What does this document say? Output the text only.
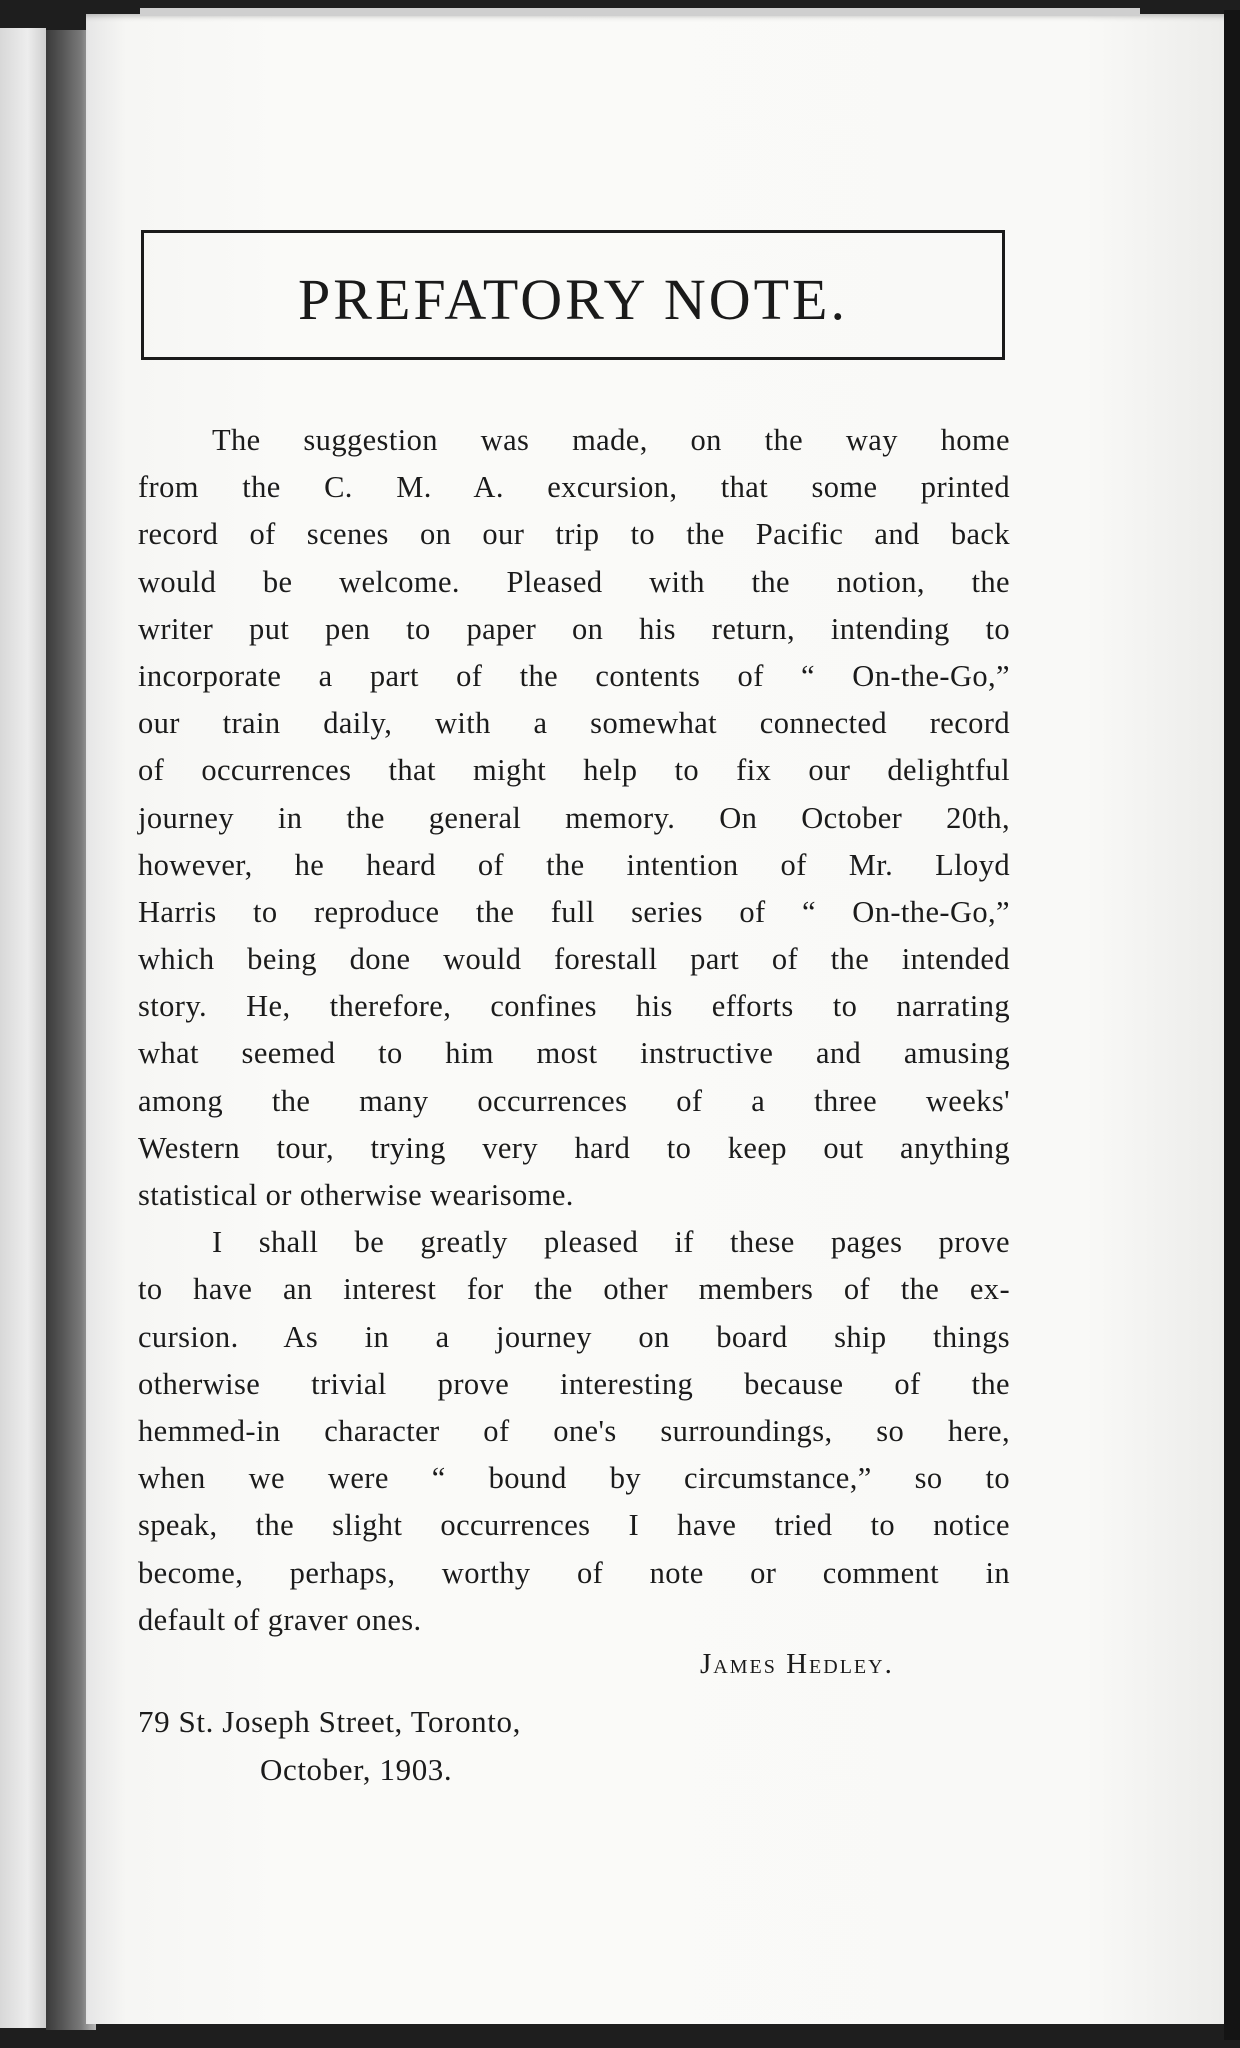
PREFATORY NOTE.
The suggestion was made, on the way home
from the C. M. A. excursion, that some printed
record of scenes on our trip to the Pacific and back
would be welcome. Pleased with the notion, the
writer put pen to paper on his return, intending to
incorporate a part of the contents of “ On-the-Go,”
our train daily, with a somewhat connected record
of occurrences that might help to fix our delightful
journey in the general memory. On October 20th,
however, he heard of the intention of Mr. Lloyd
Harris to reproduce the full series of “ On-the-Go,”
which being done would forestall part of the intended
story. He, therefore, confines his efforts to narrating
what seemed to him most instructive and amusing
among the many occurrences of a three weeks'
Western tour, trying very hard to keep out anything
statistical or otherwise wearisome.
I shall be greatly pleased if these pages prove
to have an interest for the other members of the ex-
cursion. As in a journey on board ship things
otherwise trivial prove interesting because of the
hemmed-in character of one's surroundings, so here,
when we were “ bound by circumstance,” so to
speak, the slight occurrences I have tried to notice
become, perhaps, worthy of note or comment in
default of graver ones.
James Hedley.
79 St. Joseph Street, Toronto,
October, 1903.
